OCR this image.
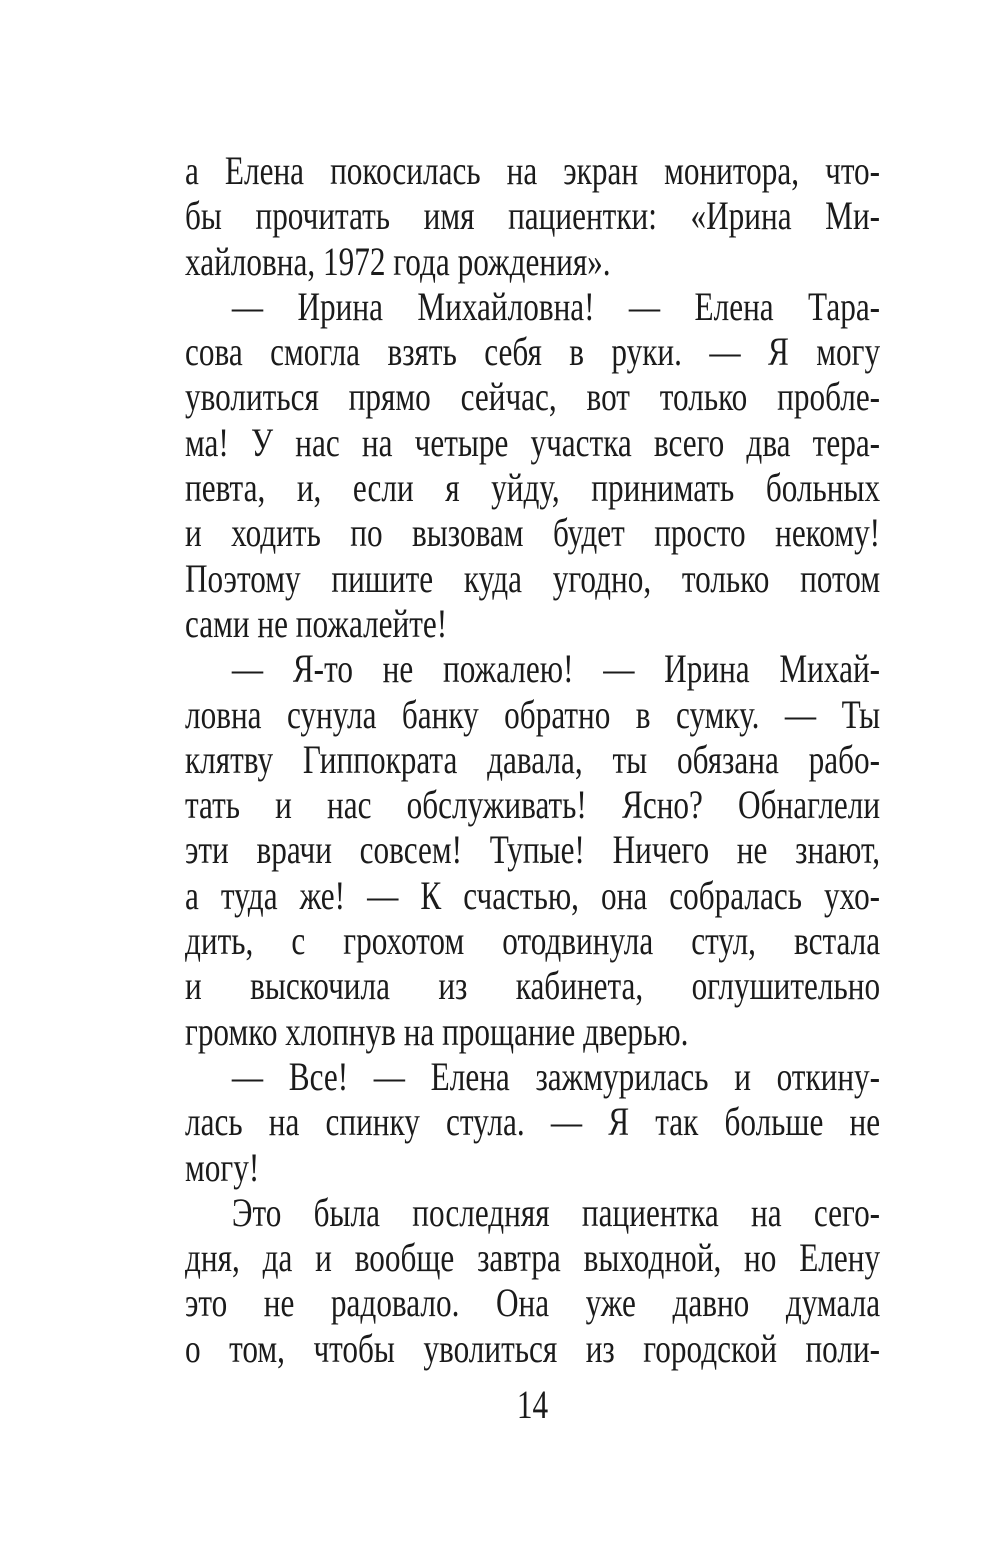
а Елена покосилась на экран монитора, что-
бы прочитать имя пациентки: «Ирина Ми-
хайловна, 1972 года рождения».
— Ирина Михайловна! — Елена Тара-
сова смогла взять себя в руки. — Я могу
уволиться прямо сейчас, вот только пробле-
ма! У нас на четыре участка всего два тера-
певта, и, если я уйду, принимать больных
и ходить по вызовам будет просто некому!
Поэтому пишите куда угодно, только потом
сами не пожалейте!
— Я-то не пожалею! — Ирина Михай-
ловна сунула банку обратно в сумку. — Ты
клятву Гиппократа давала, ты обязана рабо-
тать и нас обслуживать! Ясно? Обнаглели
эти врачи совсем! Тупые! Ничего не знают,
а туда же! — К счастью, она собралась ухо-
дить, с грохотом отодвинула стул, встала
и выскочила из кабинета, оглушительно
громко хлопнув на прощание дверью.
— Все! — Елена зажмурилась и откину-
лась на спинку стула. — Я так больше не
могу!
Это была последняя пациентка на сего-
дня, да и вообще завтра выходной, но Елену
это не радовало. Она уже давно думала
о том, чтобы уволиться из городской поли-
14
